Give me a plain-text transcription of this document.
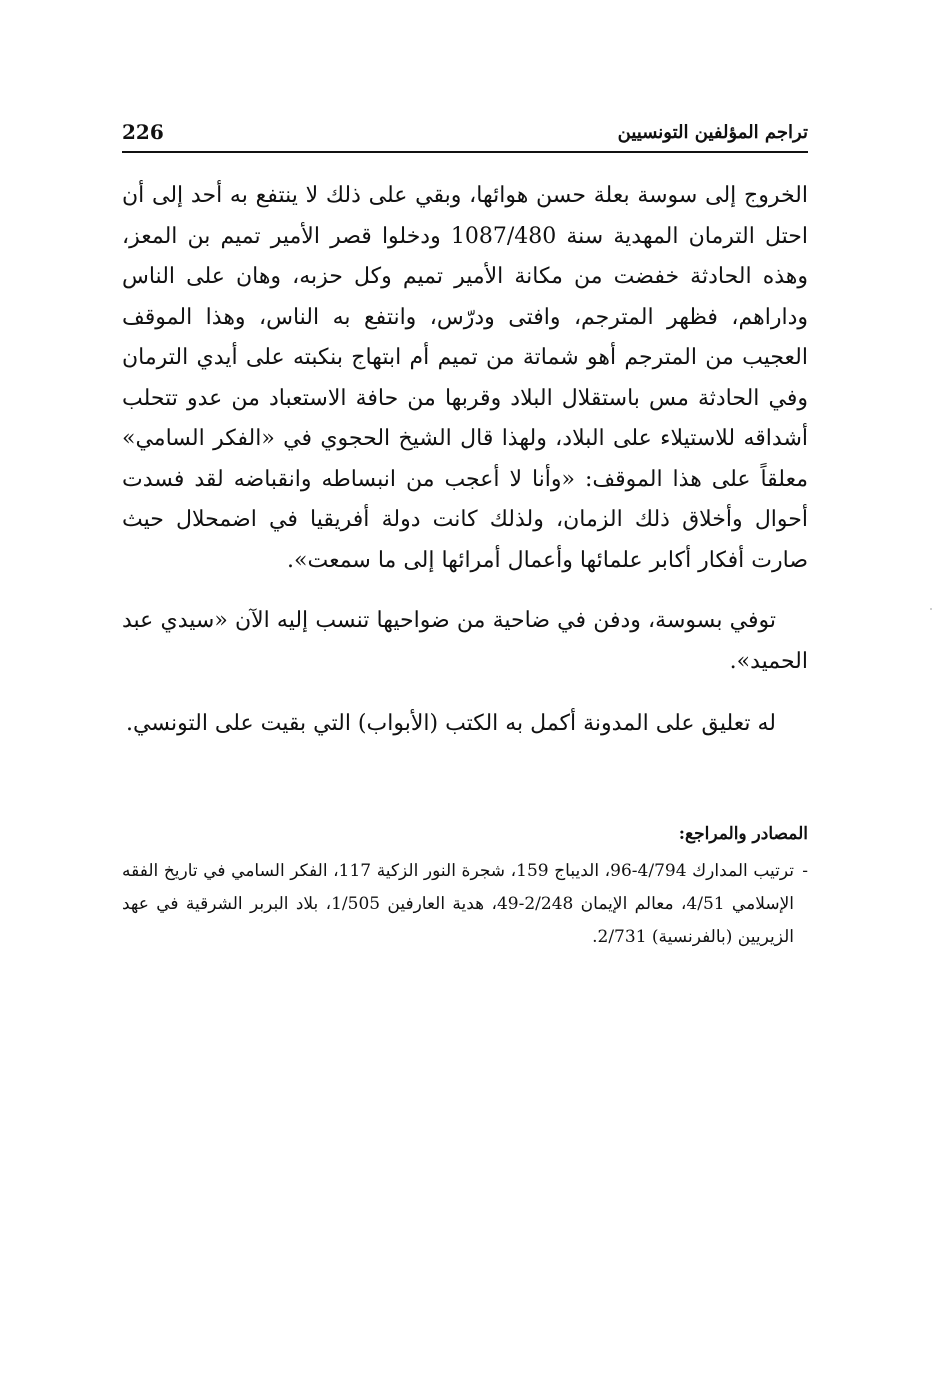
تراجم المؤلفين التونسيين
226

الخروج إلى سوسة بعلة حسن هوائها، وبقي على ذلك لا ينتفع به أحد إلى أن احتل الترمان المهدية سنة 1087/480 ودخلوا قصر الأمير تميم بن المعز، وهذه الحادثة خفضت من مكانة الأمير تميم وكل حزبه، وهان على الناس وداراهم، فظهر المترجم، وافتى ودرّس، وانتفع به الناس، وهذا الموقف العجيب من المترجم أهو شماتة من تميم أم ابتهاج بنكبته على أيدي الترمان وفي الحادثة مس باستقلال البلاد وقربها من حافة الاستعباد من عدو تتحلب أشداقه للاستيلاء على البلاد، ولهذا قال الشيخ الحجوي في «الفكر السامي» معلقاً على هذا الموقف: «وأنا لا أعجب من انبساطه وانقباضه لقد فسدت أحوال وأخلاق ذلك الزمان، ولذلك كانت دولة أفريقيا في اضمحلال حيث صارت أفكار أكابر علمائها وأعمال أمرائها إلى ما سمعت».

توفي بسوسة، ودفن في ضاحية من ضواحيها تنسب إليه الآن «سيدي عبد الحميد».

له تعليق على المدونة أكمل به الكتب (الأبواب) التي بقيت على التونسي.

المصادر والمراجع:

-
ترتيب المدارك 4/794-96، الديباج 159، شجرة النور الزكية 117، الفكر السامي في تاريخ الفقه الإسلامي 4/51، معالم الإيمان 2/248-49، هدية العارفين 1/505، بلاد البربر الشرقية في عهد الزيريين (بالفرنسية) 2/731.
